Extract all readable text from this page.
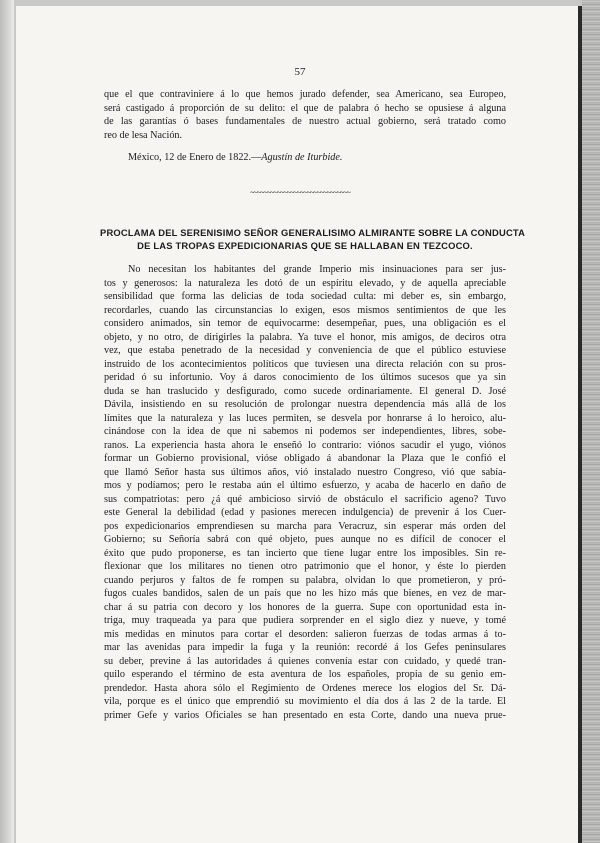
57
que el que contraviniere á lo que hemos jurado defender, sea Americano, sea Europeo,
será castigado á proporción de su delito: el que de palabra ó hecho se opusiese á alguna
de las garantías ó bases fundamentales de nuestro actual gobierno, será tratado como
reo de lesa Nación.
México, 12 de Enero de 1822.—Agustín de Iturbide.
~~~~~~~~~~~~~~~~~~~~~~~~~~~~~~
PROCLAMA DEL SERENISIMO SEÑOR GENERALISIMO ALMIRANTE SOBRE LA CONDUCTA
DE LAS TROPAS EXPEDICIONARIAS QUE SE HALLABAN EN TEZCOCO.
No necesitan los habitantes del grande Imperio mis insinuaciones para ser jus-
tos y generosos: la naturaleza les dotó de un espíritu elevado, y de aquella apreciable
sensibilidad que forma las delicias de toda sociedad culta: mi deber es, sin embargo,
recordarles, cuando las circunstancias lo exigen, esos mismos sentimientos de que les
considero animados, sin temor de equivocarme: desempeñar, pues, una obligación es el
objeto, y no otro, de dirigirles la palabra. Ya tuve el honor, mis amigos, de deciros otra
vez, que estaba penetrado de la necesidad y conveniencia de que el público estuviese
instruido de los acontecimientos políticos que tuviesen una directa relación con su pros-
peridad ó su infortunio. Voy á daros conocimiento de los últimos sucesos que ya sin
duda se han traslucido y desfigurado, como sucede ordinariamente. El general D. José
Dávila, insistiendo en su resolución de prolongar nuestra dependencia más allá de los
límites que la naturaleza y las luces permiten, se desvela por honrarse á lo heroico, alu-
cinándose con la idea de que ni sabemos ni podemos ser independientes, libres, sobe-
ranos. La experiencia hasta ahora le enseñó lo contrario: viónos sacudir el yugo, viónos
formar un Gobierno provisional, vióse obligado á abandonar la Plaza que le confió el
que llamó Señor hasta sus últimos años, vió instalado nuestro Congreso, vió que sabía-
mos y podíamos; pero le restaba aún el último esfuerzo, y acaba de hacerlo en daño de
sus compatriotas: pero ¿á qué ambicioso sirvió de obstáculo el sacrificio ageno? Tuvo
este General la debilidad (edad y pasiones merecen indulgencia) de prevenir á los Cuer-
pos expedicionarios emprendiesen su marcha para Veracruz, sin esperar más orden del
Gobierno; su Señoría sabrá con qué objeto, pues aunque no es difícil de conocer el
éxito que pudo proponerse, es tan incierto que tiene lugar entre los imposibles. Sin re-
flexionar que los militares no tienen otro patrimonio que el honor, y éste lo pierden
cuando perjuros y faltos de fe rompen su palabra, olvidan lo que prometieron, y pró-
fugos cuales bandidos, salen de un país que no les hizo más que bienes, en vez de mar-
char á su patria con decoro y los honores de la guerra. Supe con oportunidad esta in-
triga, muy traqueada ya para que pudiera sorprender en el siglo diez y nueve, y tomé
mis medidas en minutos para cortar el desorden: salieron fuerzas de todas armas á to-
mar las avenidas para impedir la fuga y la reunión: recordé á los Gefes peninsulares
su deber, previne á las autoridades á quienes convenía estar con cuidado, y quedé tran-
quilo esperando el término de esta aventura de los españoles, propia de su genio em-
prendedor. Hasta ahora sólo el Regimiento de Ordenes merece los elogios del Sr. Dá-
vila, porque es el único que emprendió su movimiento el día dos á las 2 de la tarde. El
primer Gefe y varios Oficiales se han presentado en esta Corte, dando una nueva prue-
